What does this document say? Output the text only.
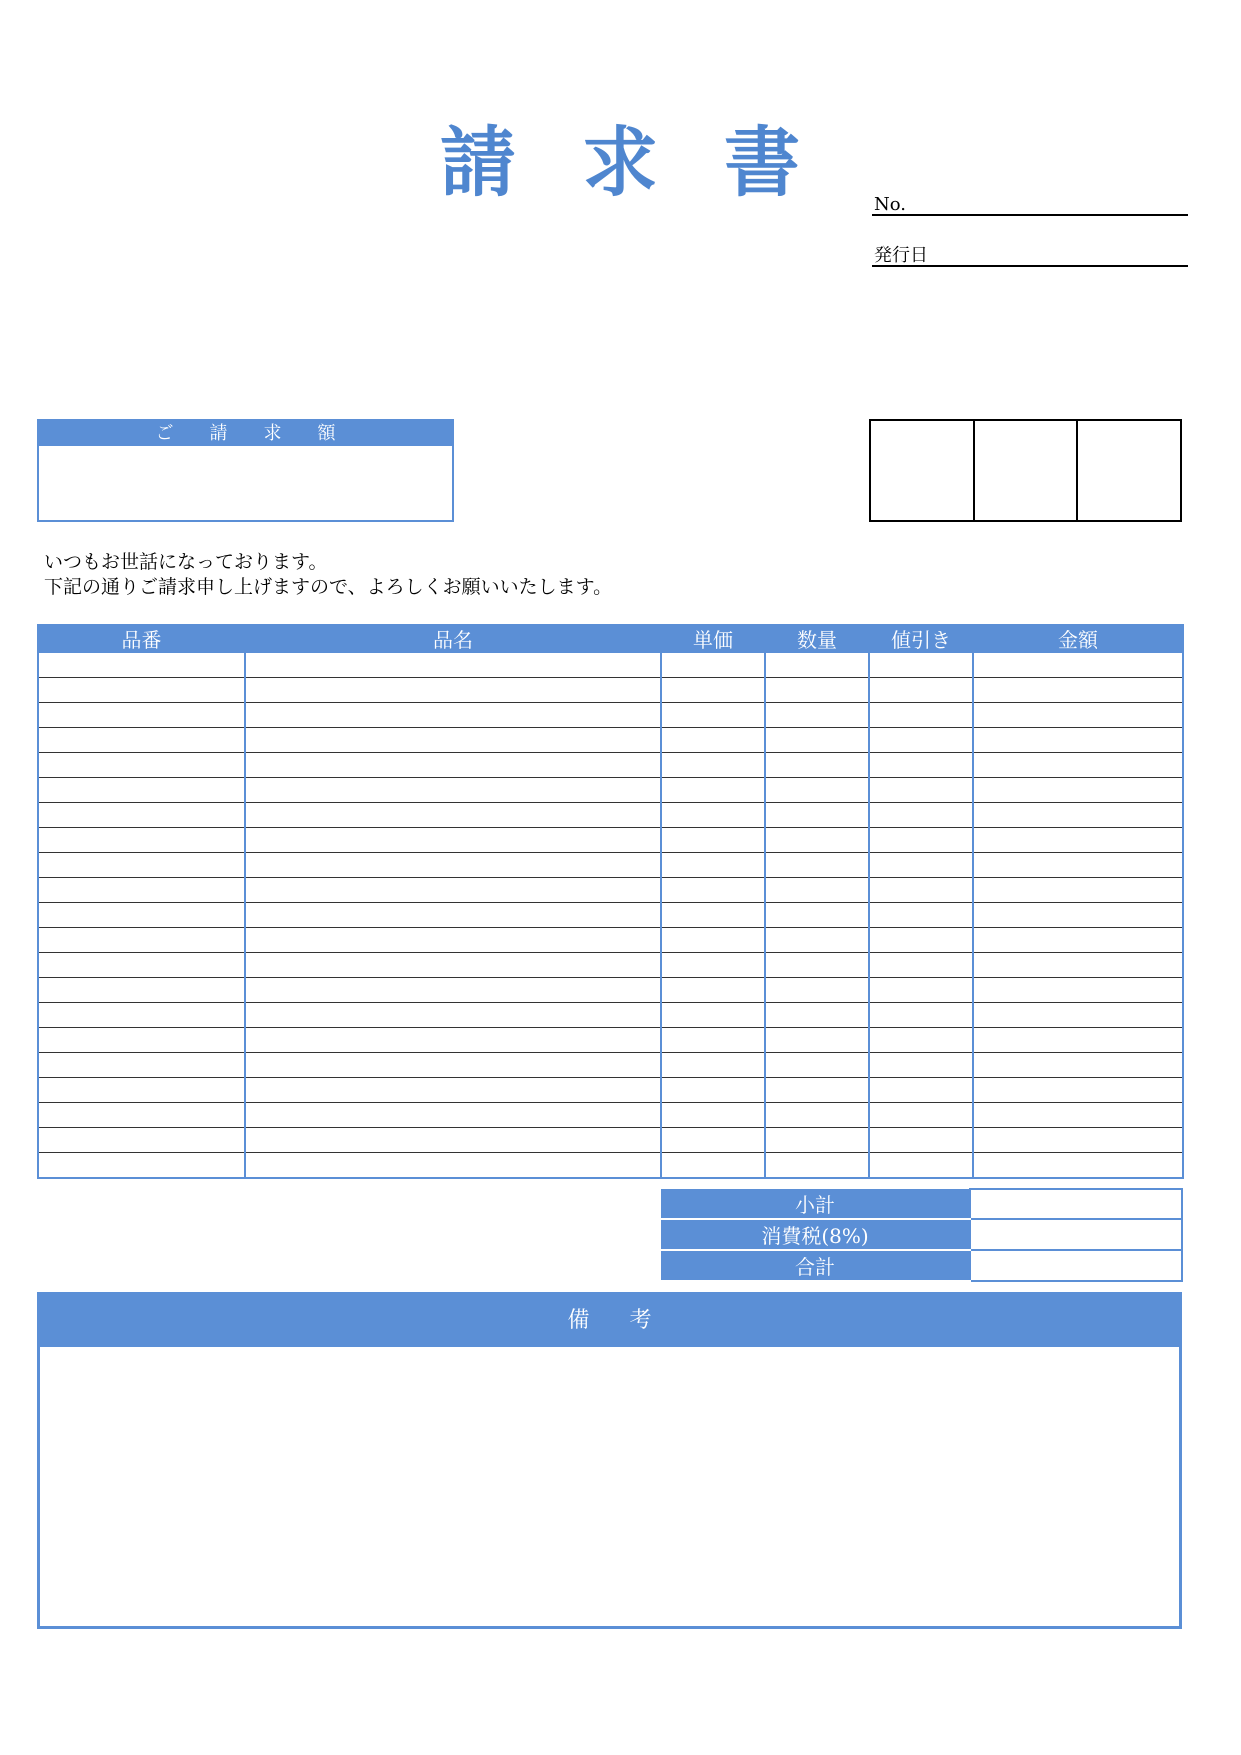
請 求 書	No.
発行日
ご 請 求 額
いつもお世話になっております。
下記の通りご請求申し上げますので、よろしくお願いいたします。
品番	品名	単価	数量	値引き	金額

小計	
消費税(8%)	
合計	
備 考
